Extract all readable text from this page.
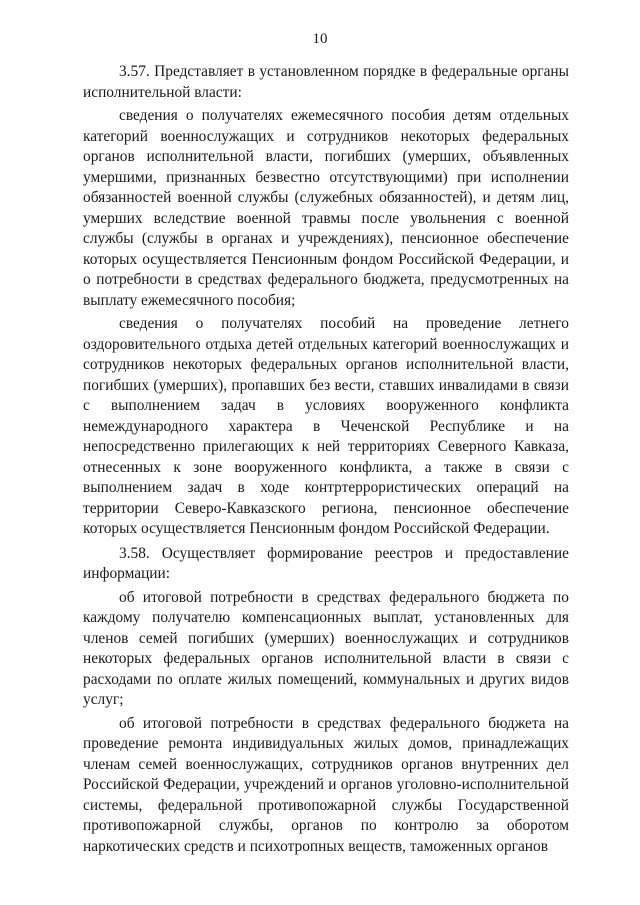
10

3.57. Представляет в установленном порядке в федеральные органы исполнительной власти:

сведения о получателях ежемесячного пособия детям отдельных категорий военнослужащих и сотрудников некоторых федеральных органов исполнительной власти, погибших (умерших, объявленных умершими, признанных безвестно отсутствующими) при исполнении обязанностей военной службы (служебных обязанностей), и детям лиц, умерших вследствие военной травмы после увольнения с военной службы (службы в органах и учреждениях), пенсионное обеспечение которых осуществляется Пенсионным фондом Российской Федерации, и о потребности в средствах федерального бюджета, предусмотренных на выплату ежемесячного пособия;

сведения о получателях пособий на проведение летнего оздоровительного отдыха детей отдельных категорий военнослужащих и сотрудников некоторых федеральных органов исполнительной власти, погибших (умерших), пропавших без вести, ставших инвалидами в связи с выполнением задач в условиях вооруженного конфликта немеждународного характера в Чеченской Республике и на непосредственно прилегающих к ней территориях Северного Кавказа, отнесенных к зоне вооруженного конфликта, а также в связи с выполнением задач в ходе контртеррористических операций на территории Северо-Кавказского региона, пенсионное обеспечение которых осуществляется Пенсионным фондом Российской Федерации.

3.58. Осуществляет формирование реестров и предоставление информации:

об итоговой потребности в средствах федерального бюджета по каждому получателю компенсационных выплат, установленных для членов семей погибших (умерших) военнослужащих и сотрудников некоторых федеральных органов исполнительной власти в связи с расходами по оплате жилых помещений, коммунальных и других видов услуг;

об итоговой потребности в средствах федерального бюджета на проведение ремонта индивидуальных жилых домов, принадлежащих членам семей военнослужащих, сотрудников органов внутренних дел Российской Федерации, учреждений и органов уголовно-исполнительной системы, федеральной противопожарной службы Государственной противопожарной службы, органов по контролю за оборотом наркотических средств и психотропных веществ, таможенных органов
